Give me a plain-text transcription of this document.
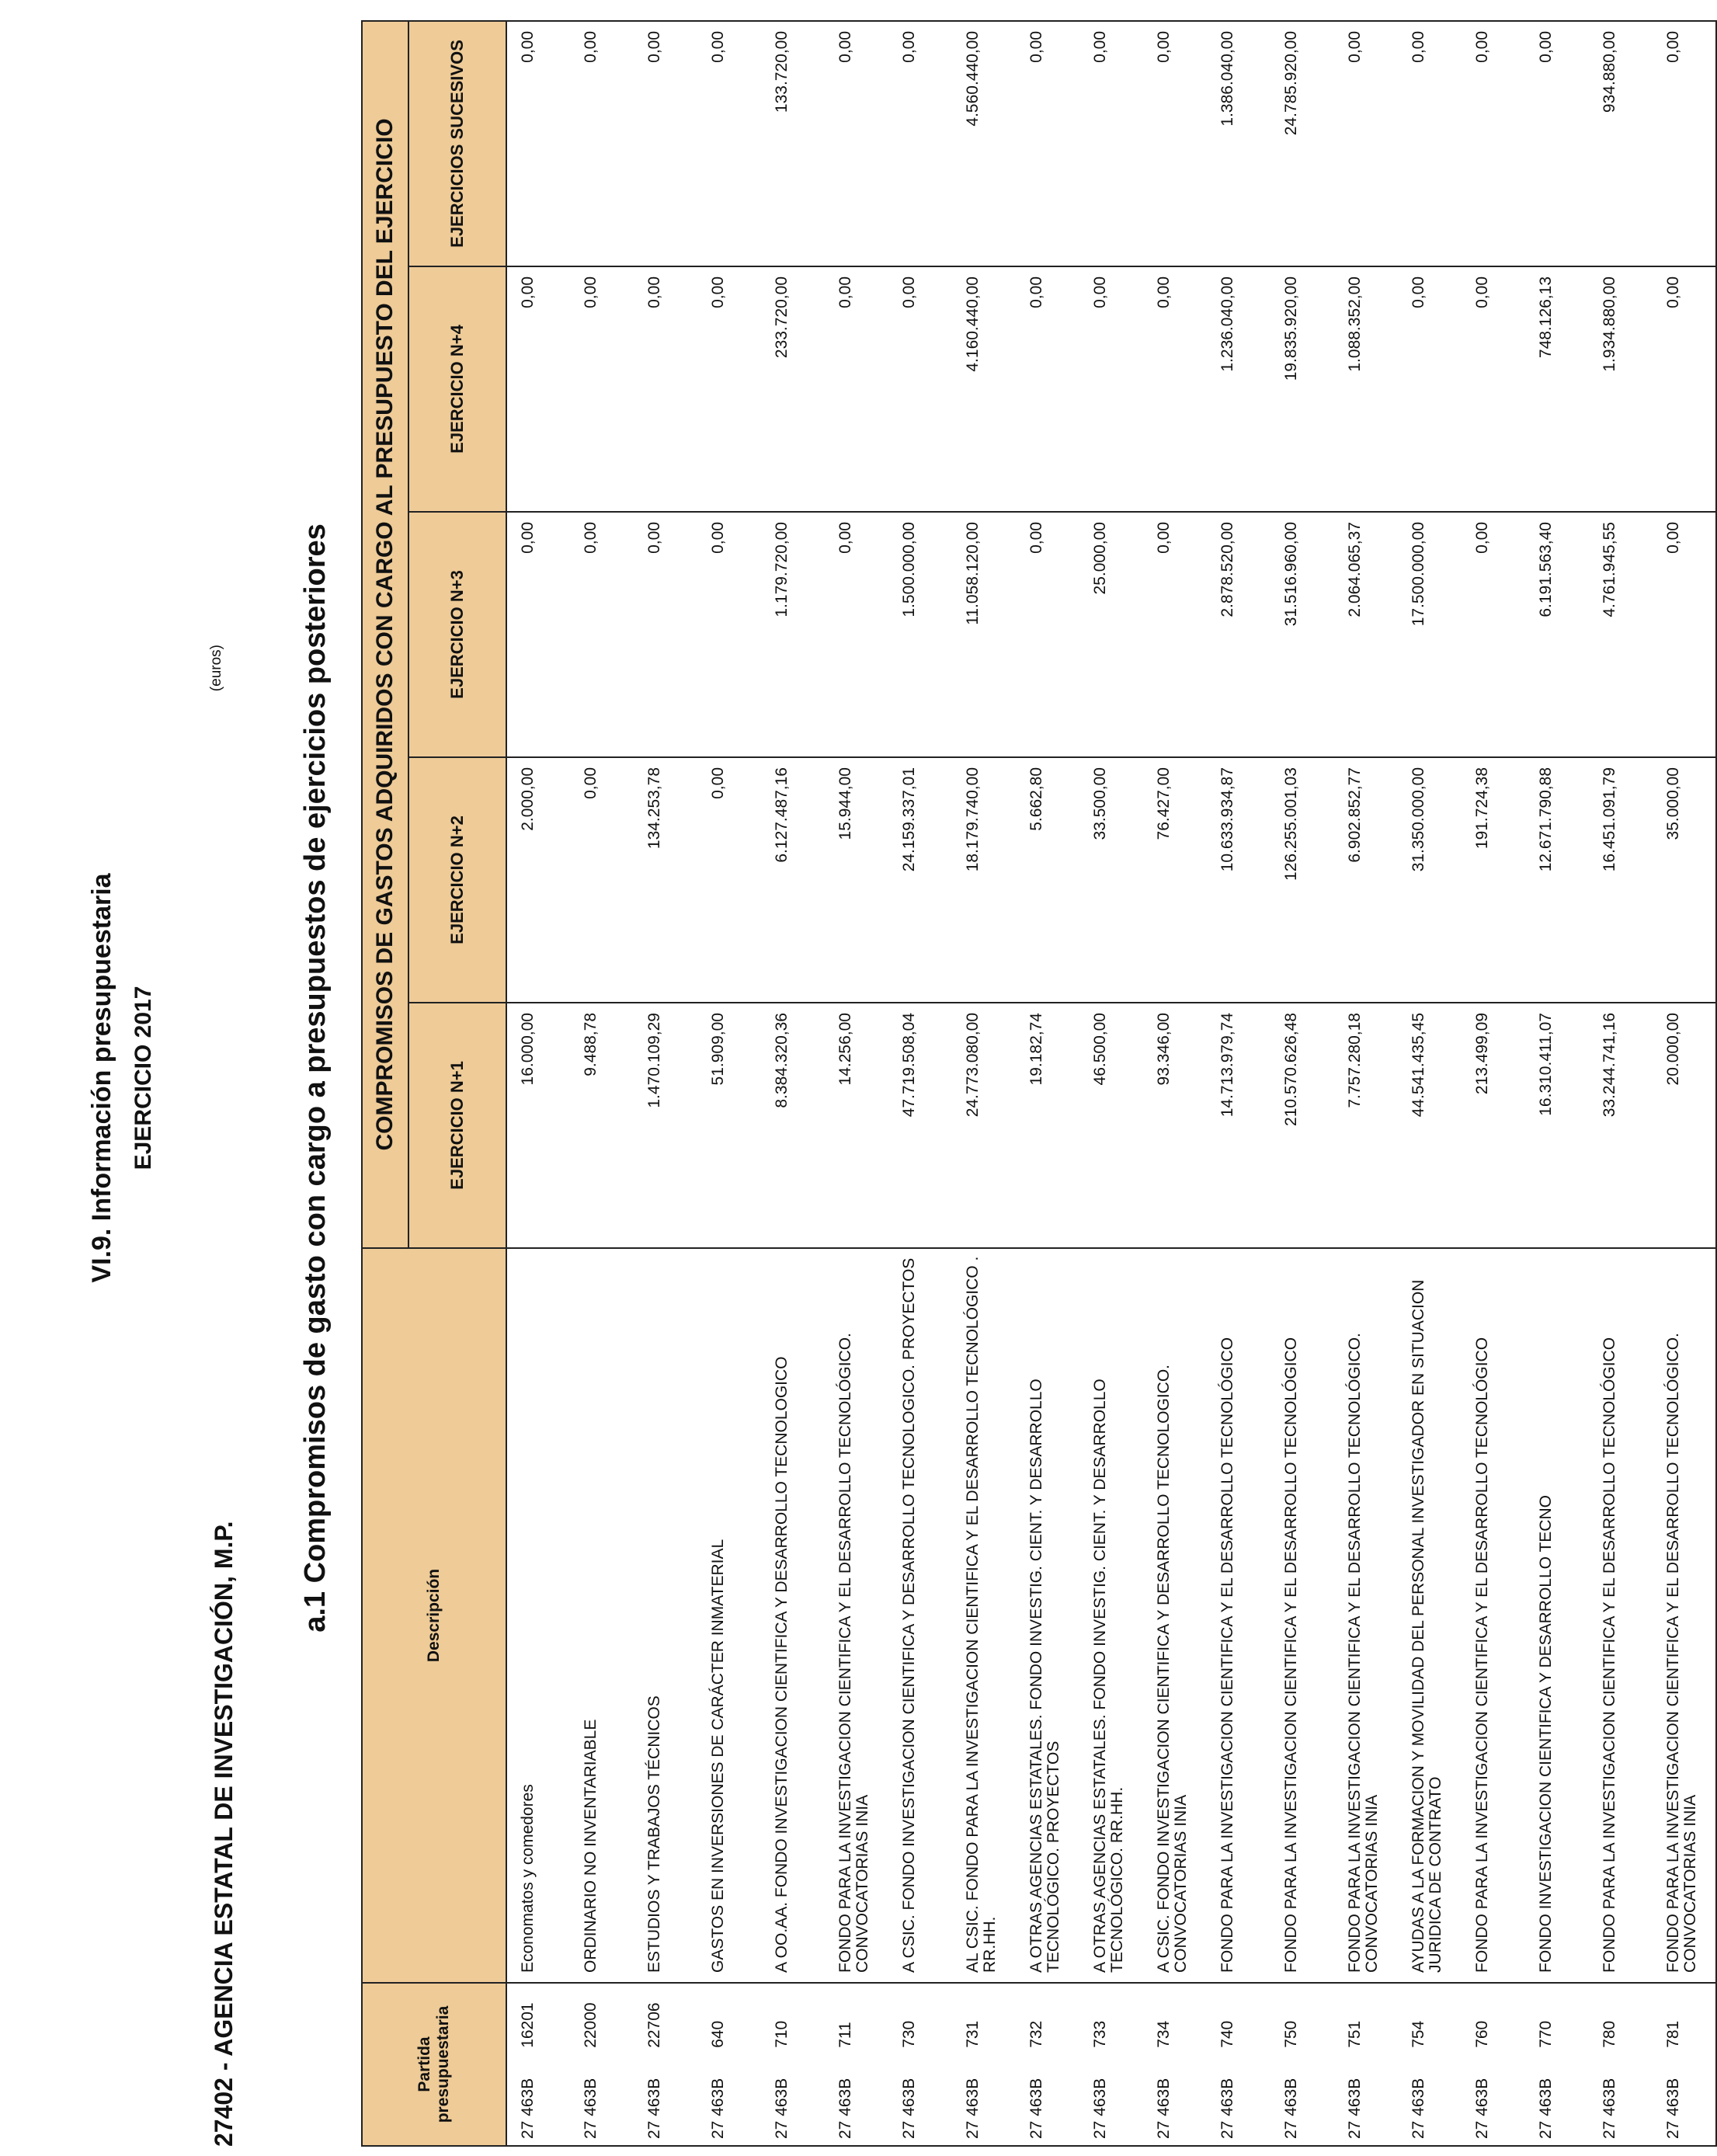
VI.9. Información presupuestaria EJERCICIO 2017
27402 - AGENCIA ESTATAL DE INVESTIGACIÓN, M.P.
(euros)	a.1 Compromisos de gasto con cargo a presupuestos de ejercicios posteriores
Partida presupuestaria	Descripción	COMPROMISOS DE GASTOS ADQUIRIDOS CON CARGO AL PRESUPUESTO DEL EJERCICIO				
		EJERCICIO N+1	EJERCICIO N+2	EJERCICIO N+3	EJERCICIO N+4	EJERCICIOS SUCESIVOS
27 463B16201	Economatos y comedores	16.000,00	2.000,00	0,00	0,00	0,00
27 463B22000	ORDINARIO NO INVENTARIABLE	9.488,78	0,00	0,00	0,00	0,00
27 463B22706	ESTUDIOS Y TRABAJOS TÉCNICOS	1.470.109,29	134.253,78	0,00	0,00	0,00
27 463B640	GASTOS EN INVERSIONES DE CARÁCTER INMATERIAL	51.909,00	0,00	0,00	0,00	0,00
27 463B710	A OO.AA. FONDO INVESTIGACION CIENTIFICA Y DESARROLLO TECNOLOGICO	8.384.320,36	6.127.487,16	1.179.720,00	233.720,00	133.720,00
27 463B711	FONDO PARA LA INVESTIGACION CIENTIFICA Y EL DESARROLLO TECNOLÓGICO. CONVOCATORIAS INIA	14.256,00	15.944,00	0,00	0,00	0,00
27 463B730	A CSIC. FONDO INVESTIGACION CIENTIFICA Y DESARROLLO TECNOLOGICO. PROYECTOS	47.719.508,04	24.159.337,01	1.500.000,00	0,00	0,00
27 463B731	AL CSIC. FONDO PARA LA INVESTIGACION CIENTIFICA Y EL DESARROLLO TECNOLÓGICO . RR.HH.	24.773.080,00	18.179.740,00	11.058.120,00	4.160.440,00	4.560.440,00
27 463B732	A OTRAS AGENCIAS ESTATALES. FONDO INVESTIG. CIENT. Y DESARROLLO TECNOLÓGICO. PROYECTOS	19.182,74	5.662,80	0,00	0,00	0,00
27 463B733	A OTRAS AGENCIAS ESTATALES. FONDO INVESTIG. CIENT. Y DESARROLLO TECNOLÓGICO. RR.HH.	46.500,00	33.500,00	25.000,00	0,00	0,00
27 463B734	A CSIC. FONDO INVESTIGACION CIENTIFICA Y DESARROLLO TECNOLOGICO. CONVOCATORIAS INIA	93.346,00	76.427,00	0,00	0,00	0,00
27 463B740	FONDO PARA LA INVESTIGACION CIENTIFICA Y EL DESARROLLO TECNOLÓGICO	14.713.979,74	10.633.934,87	2.878.520,00	1.236.040,00	1.386.040,00
27 463B750	FONDO PARA LA INVESTIGACION CIENTIFICA Y EL DESARROLLO TECNOLÓGICO	210.570.626,48	126.255.001,03	31.516.960,00	19.835.920,00	24.785.920,00
27 463B751	FONDO PARA LA INVESTIGACION CIENTIFICA Y EL DESARROLLO TECNOLÓGICO. CONVOCATORIAS INIA	7.757.280,18	6.902.852,77	2.064.065,37	1.088.352,00	0,00
27 463B754	AYUDAS A LA FORMACION Y MOVILIDAD DEL PERSONAL INVESTIGADOR EN SITUACION JURIDICA DE CONTRATO	44.541.435,45	31.350.000,00	17.500.000,00	0,00	0,00
27 463B760	FONDO PARA LA INVESTIGACION CIENTIFICA Y EL DESARROLLO TECNOLÓGICO	213.499,09	191.724,38	0,00	0,00	0,00
27 463B770	FONDO INVESTIGACION CIENTIFICA Y DESARROLLO TECNO	16.310.411,07	12.671.790,88	6.191.563,40	748.126,13	0,00
27 463B780	FONDO PARA LA INVESTIGACION CIENTIFICA Y EL DESARROLLO TECNOLÓGICO	33.244.741,16	16.451.091,79	4.761.945,55	1.934.880,00	934.880,00
27 463B781	FONDO PARA LA INVESTIGACION CIENTIFICA Y EL DESARROLLO TECNOLÓGICO. CONVOCATORIAS INIA	20.000,00	35.000,00	0,00	0,00	0,00
